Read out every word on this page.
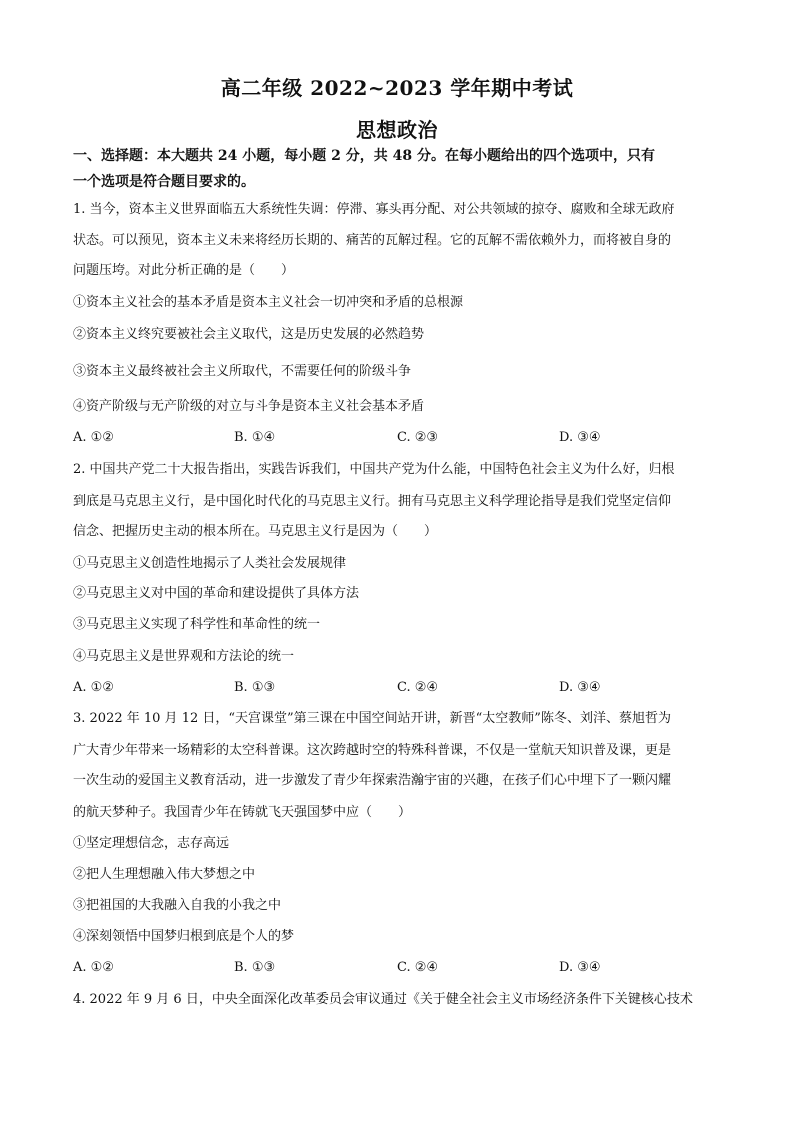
高二年级 2022~2023 学年期中考试
思想政治
一、选择题：本大题共 24 小题，每小题 2 分，共 48 分。在每小题给出的四个选项中，只有
一个选项是符合题目要求的。
1. 当今，资本主义世界面临五大系统性失调：停滞、寡头再分配、对公共领域的掠夺、腐败和全球无政府
状态。可以预见，资本主义未来将经历长期的、痛苦的瓦解过程。它的瓦解不需依赖外力，而将被自身的
问题压垮。对此分析正确的是（　　）
①资本主义社会的基本矛盾是资本主义社会一切冲突和矛盾的总根源
②资本主义终究要被社会主义取代，这是历史发展的必然趋势
③资本主义最终被社会主义所取代，不需要任何的阶级斗争
④资产阶级与无产阶级的对立与斗争是资本主义社会基本矛盾
A. ①②	B. ①④	C. ②③	D. ③④
2. 中国共产党二十大报告指出，实践告诉我们，中国共产党为什么能，中国特色社会主义为什么好，归根
到底是马克思主义行，是中国化时代化的马克思主义行。拥有马克思主义科学理论指导是我们党坚定信仰
信念、把握历史主动的根本所在。马克思主义行是因为（　　）
①马克思主义创造性地揭示了人类社会发展规律
②马克思主义对中国的革命和建设提供了具体方法
③马克思主义实现了科学性和革命性的统一
④马克思主义是世界观和方法论的统一
A. ①②	B. ①③	C. ②④	D. ③④
3. 2022 年 10 月 12 日，“天宫课堂”第三课在中国空间站开讲，新晋“太空教师”陈冬、刘洋、蔡旭哲为
广大青少年带来一场精彩的太空科普课。这次跨越时空的特殊科普课，不仅是一堂航天知识普及课，更是
一次生动的爱国主义教育活动，进一步激发了青少年探索浩瀚宇宙的兴趣，在孩子们心中埋下了一颗闪耀
的航天梦种子。我国青少年在铸就飞天强国梦中应（　　）
①坚定理想信念，志存高远
②把人生理想融入伟大梦想之中
③把祖国的大我融入自我的小我之中
④深刻领悟中国梦归根到底是个人的梦
A. ①②	B. ①③	C. ②④	D. ③④
4. 2022 年 9 月 6 日，中央全面深化改革委员会审议通过《关于健全社会主义市场经济条件下关键核心技术
